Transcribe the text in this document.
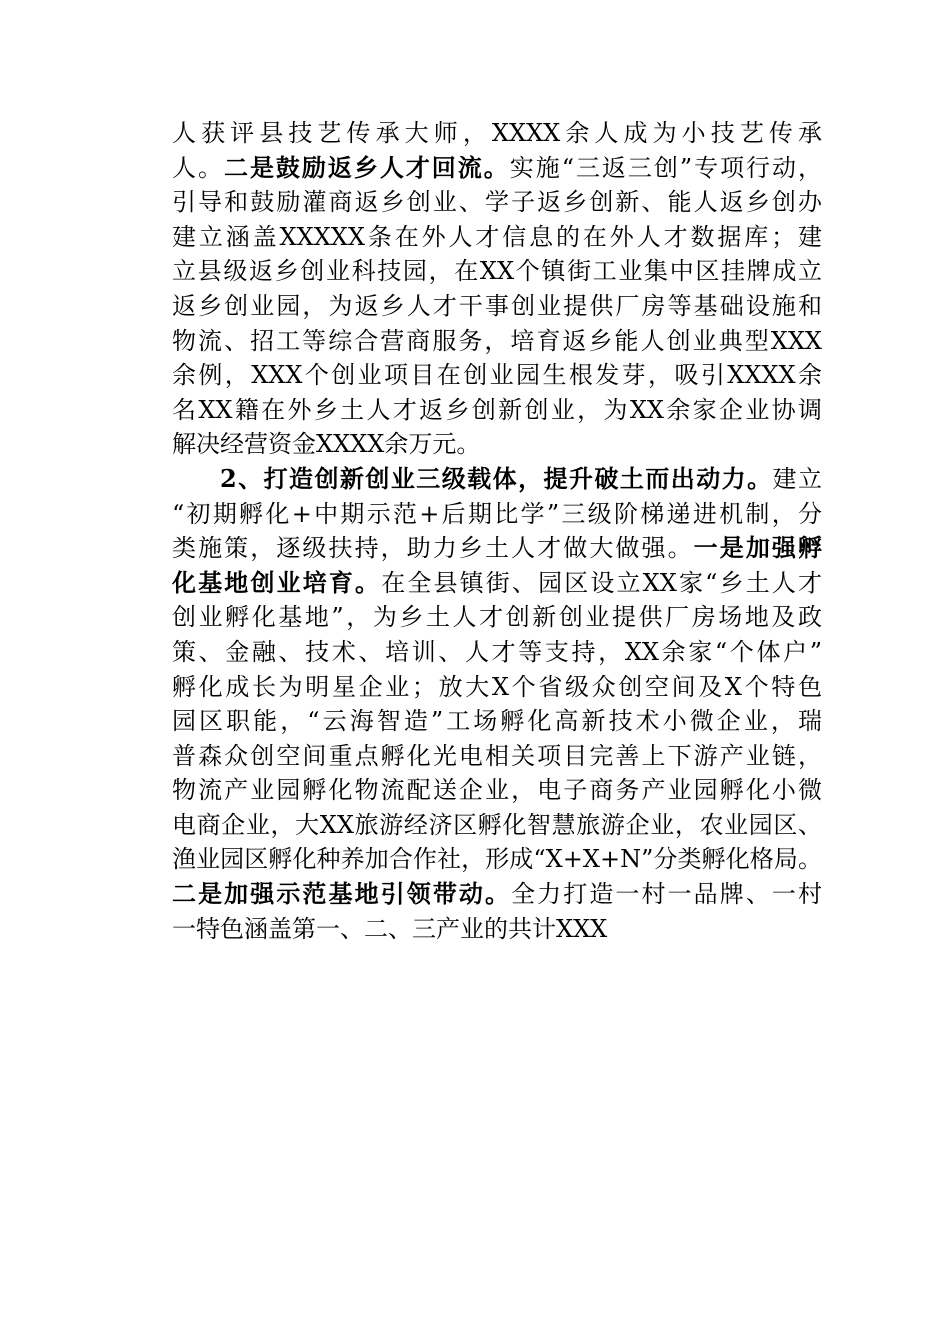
人获评县技艺传承大师，XXXX余人成为小技艺传承
人。二是鼓励返乡人才回流。实施“三返三创”专项行动，
引导和鼓励灌商返乡创业、学子返乡创新、能人返乡创办
建立涵盖XXXXX条在外人才信息的在外人才数据库；建
立县级返乡创业科技园，在XX个镇街工业集中区挂牌成立
返乡创业园，为返乡人才干事创业提供厂房等基础设施和
物流、招工等综合营商服务，培育返乡能人创业典型XXX
余例，XXX个创业项目在创业园生根发芽，吸引XXXX余
名XX籍在外乡土人才返乡创新创业，为XX余家企业协调
解决经营资金XXXX余万元。
2、打造创新创业三级载体，提升破土而出动力。建立
“初期孵化+中期示范+后期比学”三级阶梯递进机制，分
类施策，逐级扶持，助力乡土人才做大做强。一是加强孵
化基地创业培育。在全县镇街、园区设立XX家“乡土人才
创业孵化基地”，为乡土人才创新创业提供厂房场地及政
策、金融、技术、培训、人才等支持，XX余家“个体户”
孵化成长为明星企业；放大X个省级众创空间及X个特色
园区职能，“云海智造”工场孵化高新技术小微企业，瑞
普森众创空间重点孵化光电相关项目完善上下游产业链，
物流产业园孵化物流配送企业，电子商务产业园孵化小微
电商企业，大XX旅游经济区孵化智慧旅游企业，农业园区、
渔业园区孵化种养加合作社，形成“X+X+N”分类孵化格局。
二是加强示范基地引领带动。全力打造一村一品牌、一村
一特色涵盖第一、二、三产业的共计XXX
